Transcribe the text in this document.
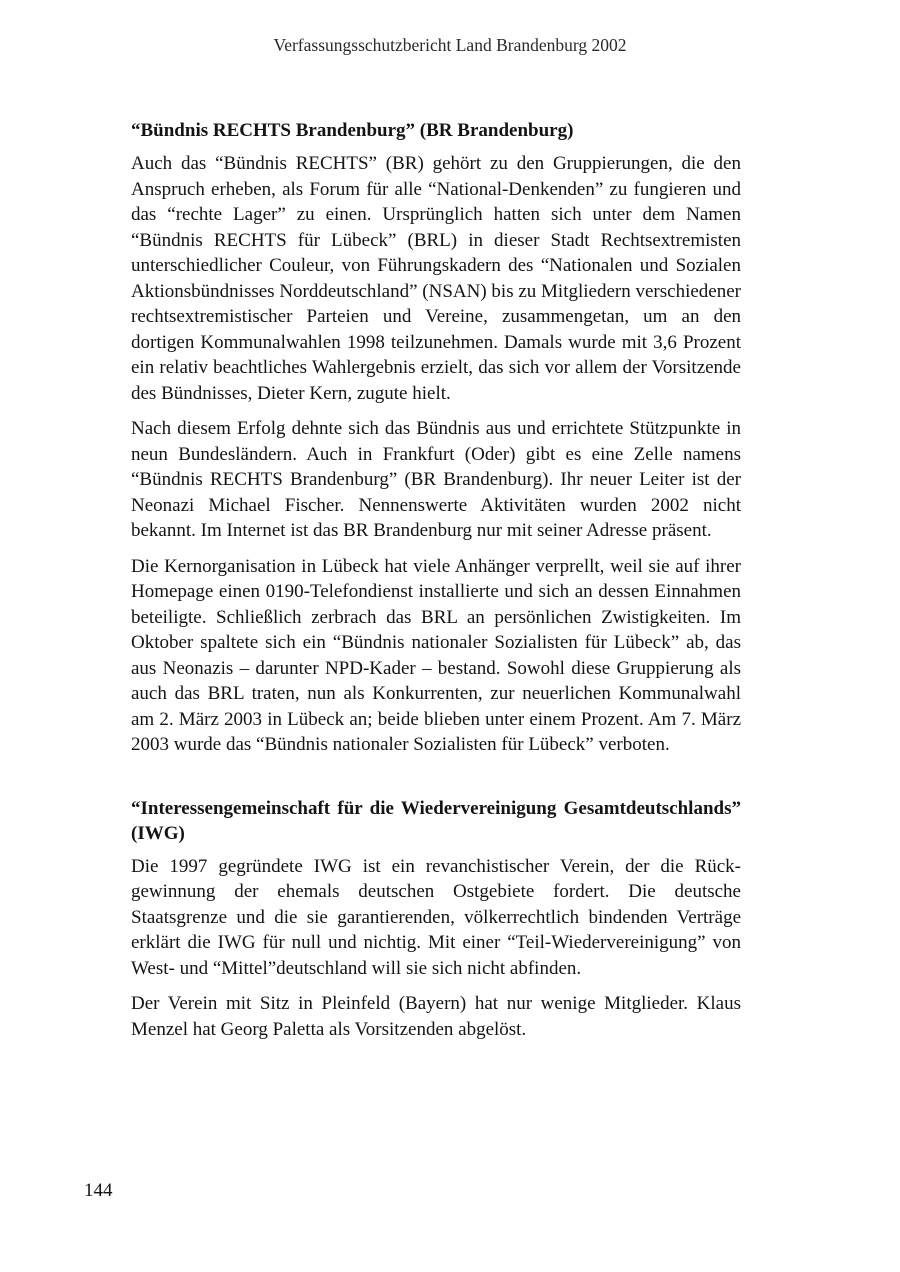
Verfassungsschutzbericht Land Brandenburg 2002
“Bündnis RECHTS Brandenburg” (BR Brandenburg)

Auch das “Bündnis RECHTS” (BR) gehört zu den Gruppierungen, die den Anspruch erheben, als Forum für alle “National-Denkenden” zu fungieren und das “rechte Lager” zu einen. Ursprünglich hatten sich unter dem Namen “Bündnis RECHTS für Lübeck” (BRL) in dieser Stadt Rechtsextremisten unterschiedlicher Couleur, von Führungskadern des “Nationalen und Sozialen Aktionsbündnisses Norddeutschland” (NSAN) bis zu Mitgliedern verschiedener rechtsextremistischer Parteien und Vereine, zusammengetan, um an den dortigen Kommunalwahlen 1998 teilzunehmen. Damals wurde mit 3,6 Prozent ein relativ beachtliches Wahlergebnis erzielt, das sich vor allem der Vorsitzende des Bündnisses, Dieter Kern, zugute hielt.

Nach diesem Erfolg dehnte sich das Bündnis aus und errichtete Stützpunkte in neun Bundesländern. Auch in Frankfurt (Oder) gibt es eine Zelle namens “Bündnis RECHTS Brandenburg” (BR Brandenburg). Ihr neuer Leiter ist der Neonazi Michael Fischer. Nennenswerte Aktivitäten wurden 2002 nicht bekannt. Im Internet ist das BR Brandenburg nur mit seiner Adresse präsent.

Die Kernorganisation in Lübeck hat viele Anhänger verprellt, weil sie auf ihrer Homepage einen 0190-Telefondienst installierte und sich an dessen Einnahmen beteiligte. Schließlich zerbrach das BRL an persönlichen Zwistigkeiten. Im Oktober spaltete sich ein “Bündnis nationaler Sozialisten für Lübeck” ab, das aus Neonazis – darunter NPD-Kader – bestand. Sowohl diese Gruppierung als auch das BRL traten, nun als Konkurrenten, zur neuerlichen Kommunalwahl am 2. März 2003 in Lübeck an; beide blieben unter einem Prozent. Am 7. März 2003 wurde das “Bündnis nationaler Sozialisten für Lübeck” verboten.

“Interessengemeinschaft für die Wiedervereinigung Gesamtdeutschlands” (IWG)

Die 1997 gegründete IWG ist ein revanchistischer Verein, der die Rückgewinnung der ehemals deutschen Ostgebiete fordert. Die deutsche Staatsgrenze und die sie garantierenden, völkerrechtlich bindenden Verträge erklärt die IWG für null und nichtig. Mit einer “Teil-Wiedervereinigung” von West- und “Mittel”deutschland will sie sich nicht abfinden.

Der Verein mit Sitz in Pleinfeld (Bayern) hat nur wenige Mitglieder. Klaus Menzel hat Georg Paletta als Vorsitzenden abgelöst.

144
